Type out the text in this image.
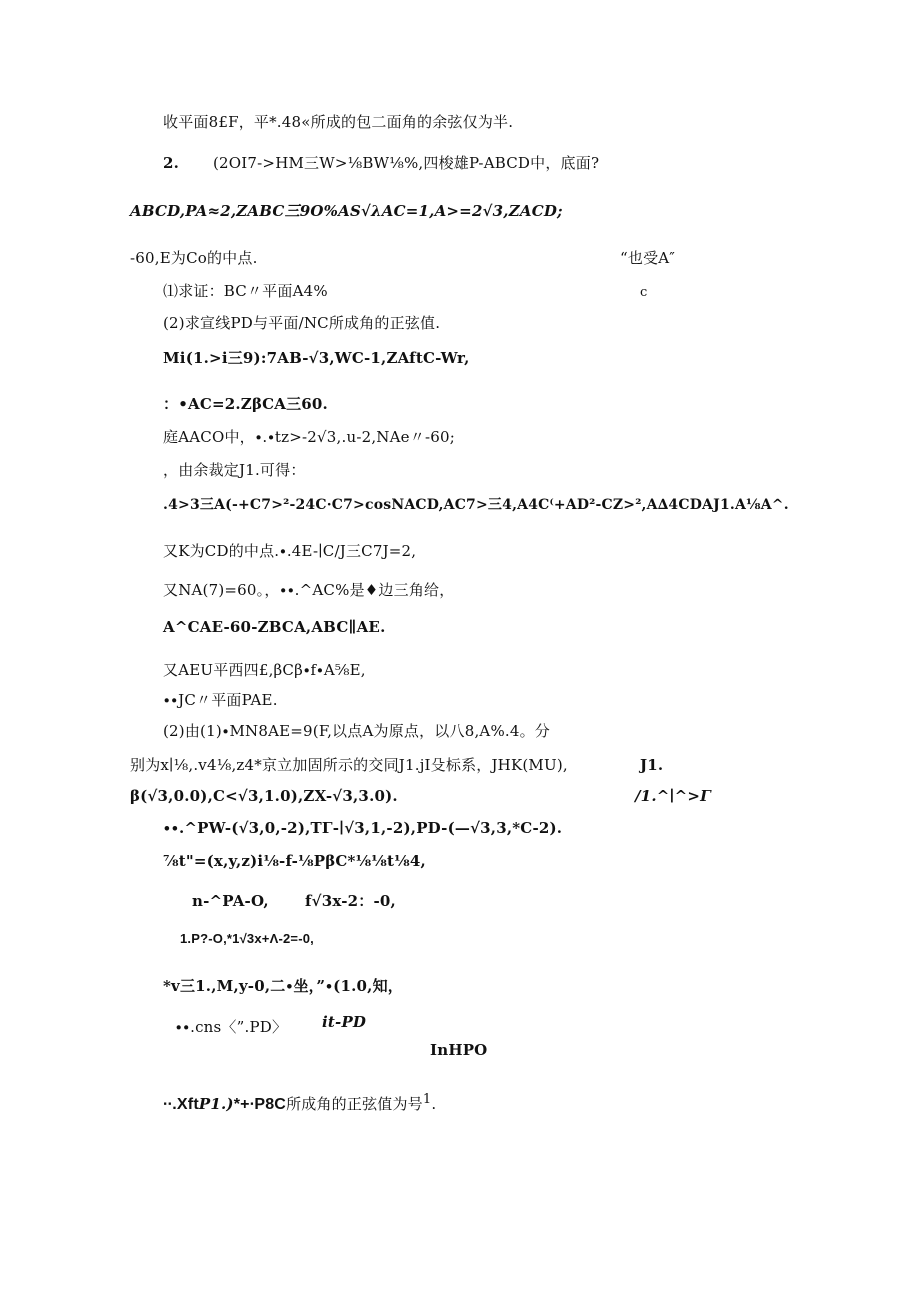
收平面8£F，平*.48«所成的包二面角的余弦仅为半.
2. (2OI7->HM三W>⅛BW⅛%,四梭雄P-ABCD中，底面?
ABCD,PA≈2,ZABC三9O%AS√λAC=1,A>=2√3,ZACD;
-60,E为Co的中点.	“也受A″
⑴求证：BC〃平面A4%	c
(2)求宣线PD与平面/NC所成角的正弦值.
Mi(1.>i三9):7AB-√3,WC-1,ZAftC-Wr,
：•AC=2.ZβCA三60.
庭AACO中，∙.∙tz>-2√3,.u-2,NAe〃-60;
，由余裁定J1.可得：
.4>3三A(-+C7>²-24C·C7>cosNACD,AC7>三4,A4C⁽+AD²-CZ>²,A∆4CDAJ1.A⅛A^.
又K为CD的中点.∙.4E-∣C/J三C7J=2,
又NA(7)=60。，∙∙.^AC%是♦边三角给，
A^CAE-60-ZBCA,ABC∥AE.
又AEU平西四£,βCβ∙f∙A⅝E,
∙∙JC〃平面PAE.
(2)由(1)∙MN8AE=9(F,以点A为原点，以八8,A%.4。分
别为x∣⅛,.v4⅛,z4*京立加固所示的交同J1.jI殳标系，JHK(MU),	J1.
β(√3,0.0),C<√3,1.0),ZX-√3,3.0).	/1.^∣^>Γ
∙∙.^PW-(√3,0,-2),TΓ-∣√3,1,-2),PD-(—√3,3,*C-2).
⅞t"=(x,y,z)i⅛-f-⅛PβC*⅛⅛t⅛4,
n-^PA-O, f√3x-2：-0,
1.P?-O,*1√3x+Λ-2=-0,
*v三1.,M,y-0,二∙坐，”∙(1.0,知，
∙∙.cns〈”.PD〉 it-PD
InHPO
∙∙.XftP1.)*+∙P8C所成角的正弦值为号$^1$.
